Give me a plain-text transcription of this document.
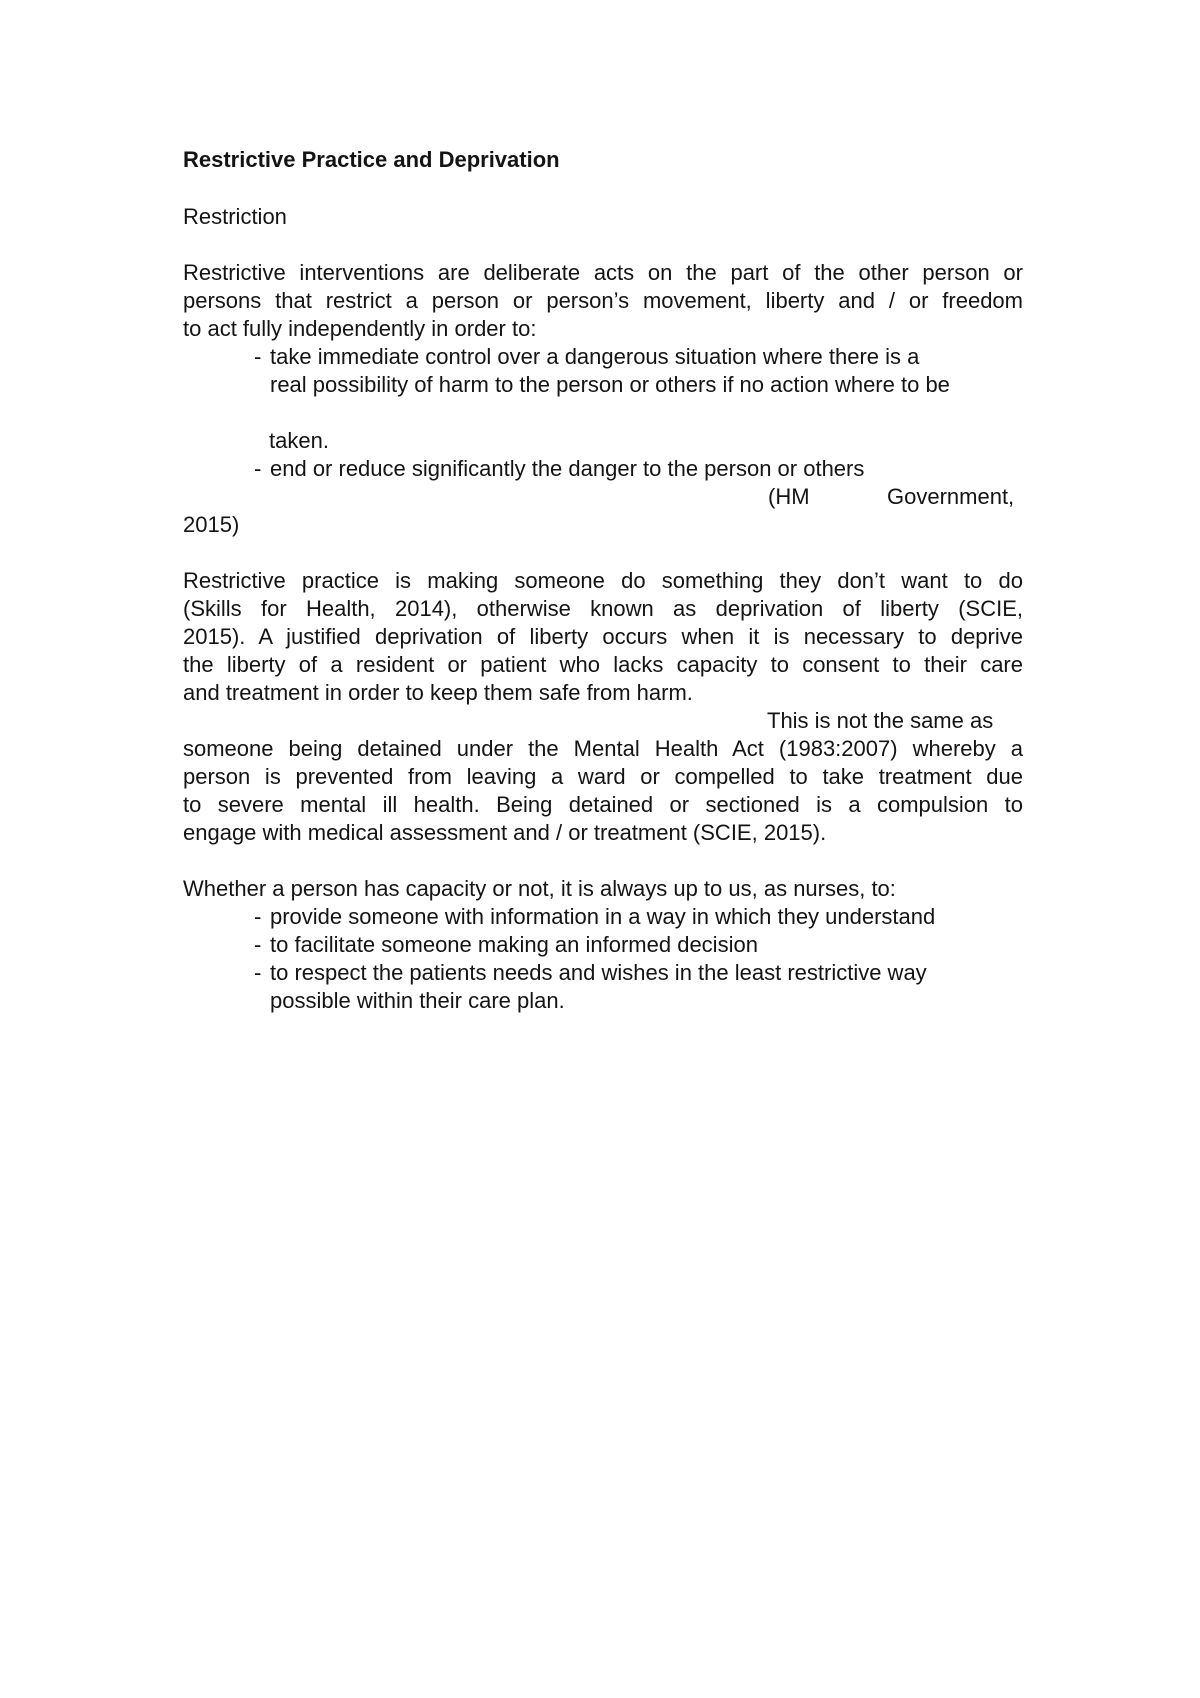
Restrictive Practice and Deprivation
Restriction
Restrictive interventions are deliberate acts on the part of the other person or
persons that restrict a person or person’s movement, liberty and / or freedom
to act fully independently in order to:
- take immediate control over a dangerous situation where there is a
real possibility of harm to the person or others if no action where to be
taken.
- end or reduce significantly the danger to the person or others
(HM	Government,
2015)
Restrictive practice is making someone do something they don’t want to do
(Skills for Health, 2014), otherwise known as deprivation of liberty (SCIE,
2015). A justified deprivation of liberty occurs when it is necessary to deprive
the liberty of a resident or patient who lacks capacity to consent to their care
and treatment in order to keep them safe from harm.
This is not the same as
someone being detained under the Mental Health Act (1983:2007) whereby a
person is prevented from leaving a ward or compelled to take treatment due
to severe mental ill health. Being detained or sectioned is a compulsion to
engage with medical assessment and / or treatment (SCIE, 2015).
Whether a person has capacity or not, it is always up to us, as nurses, to:
- provide someone with information in a way in which they understand
- to facilitate someone making an informed decision
- to respect the patients needs and wishes in the least restrictive way
possible within their care plan.
